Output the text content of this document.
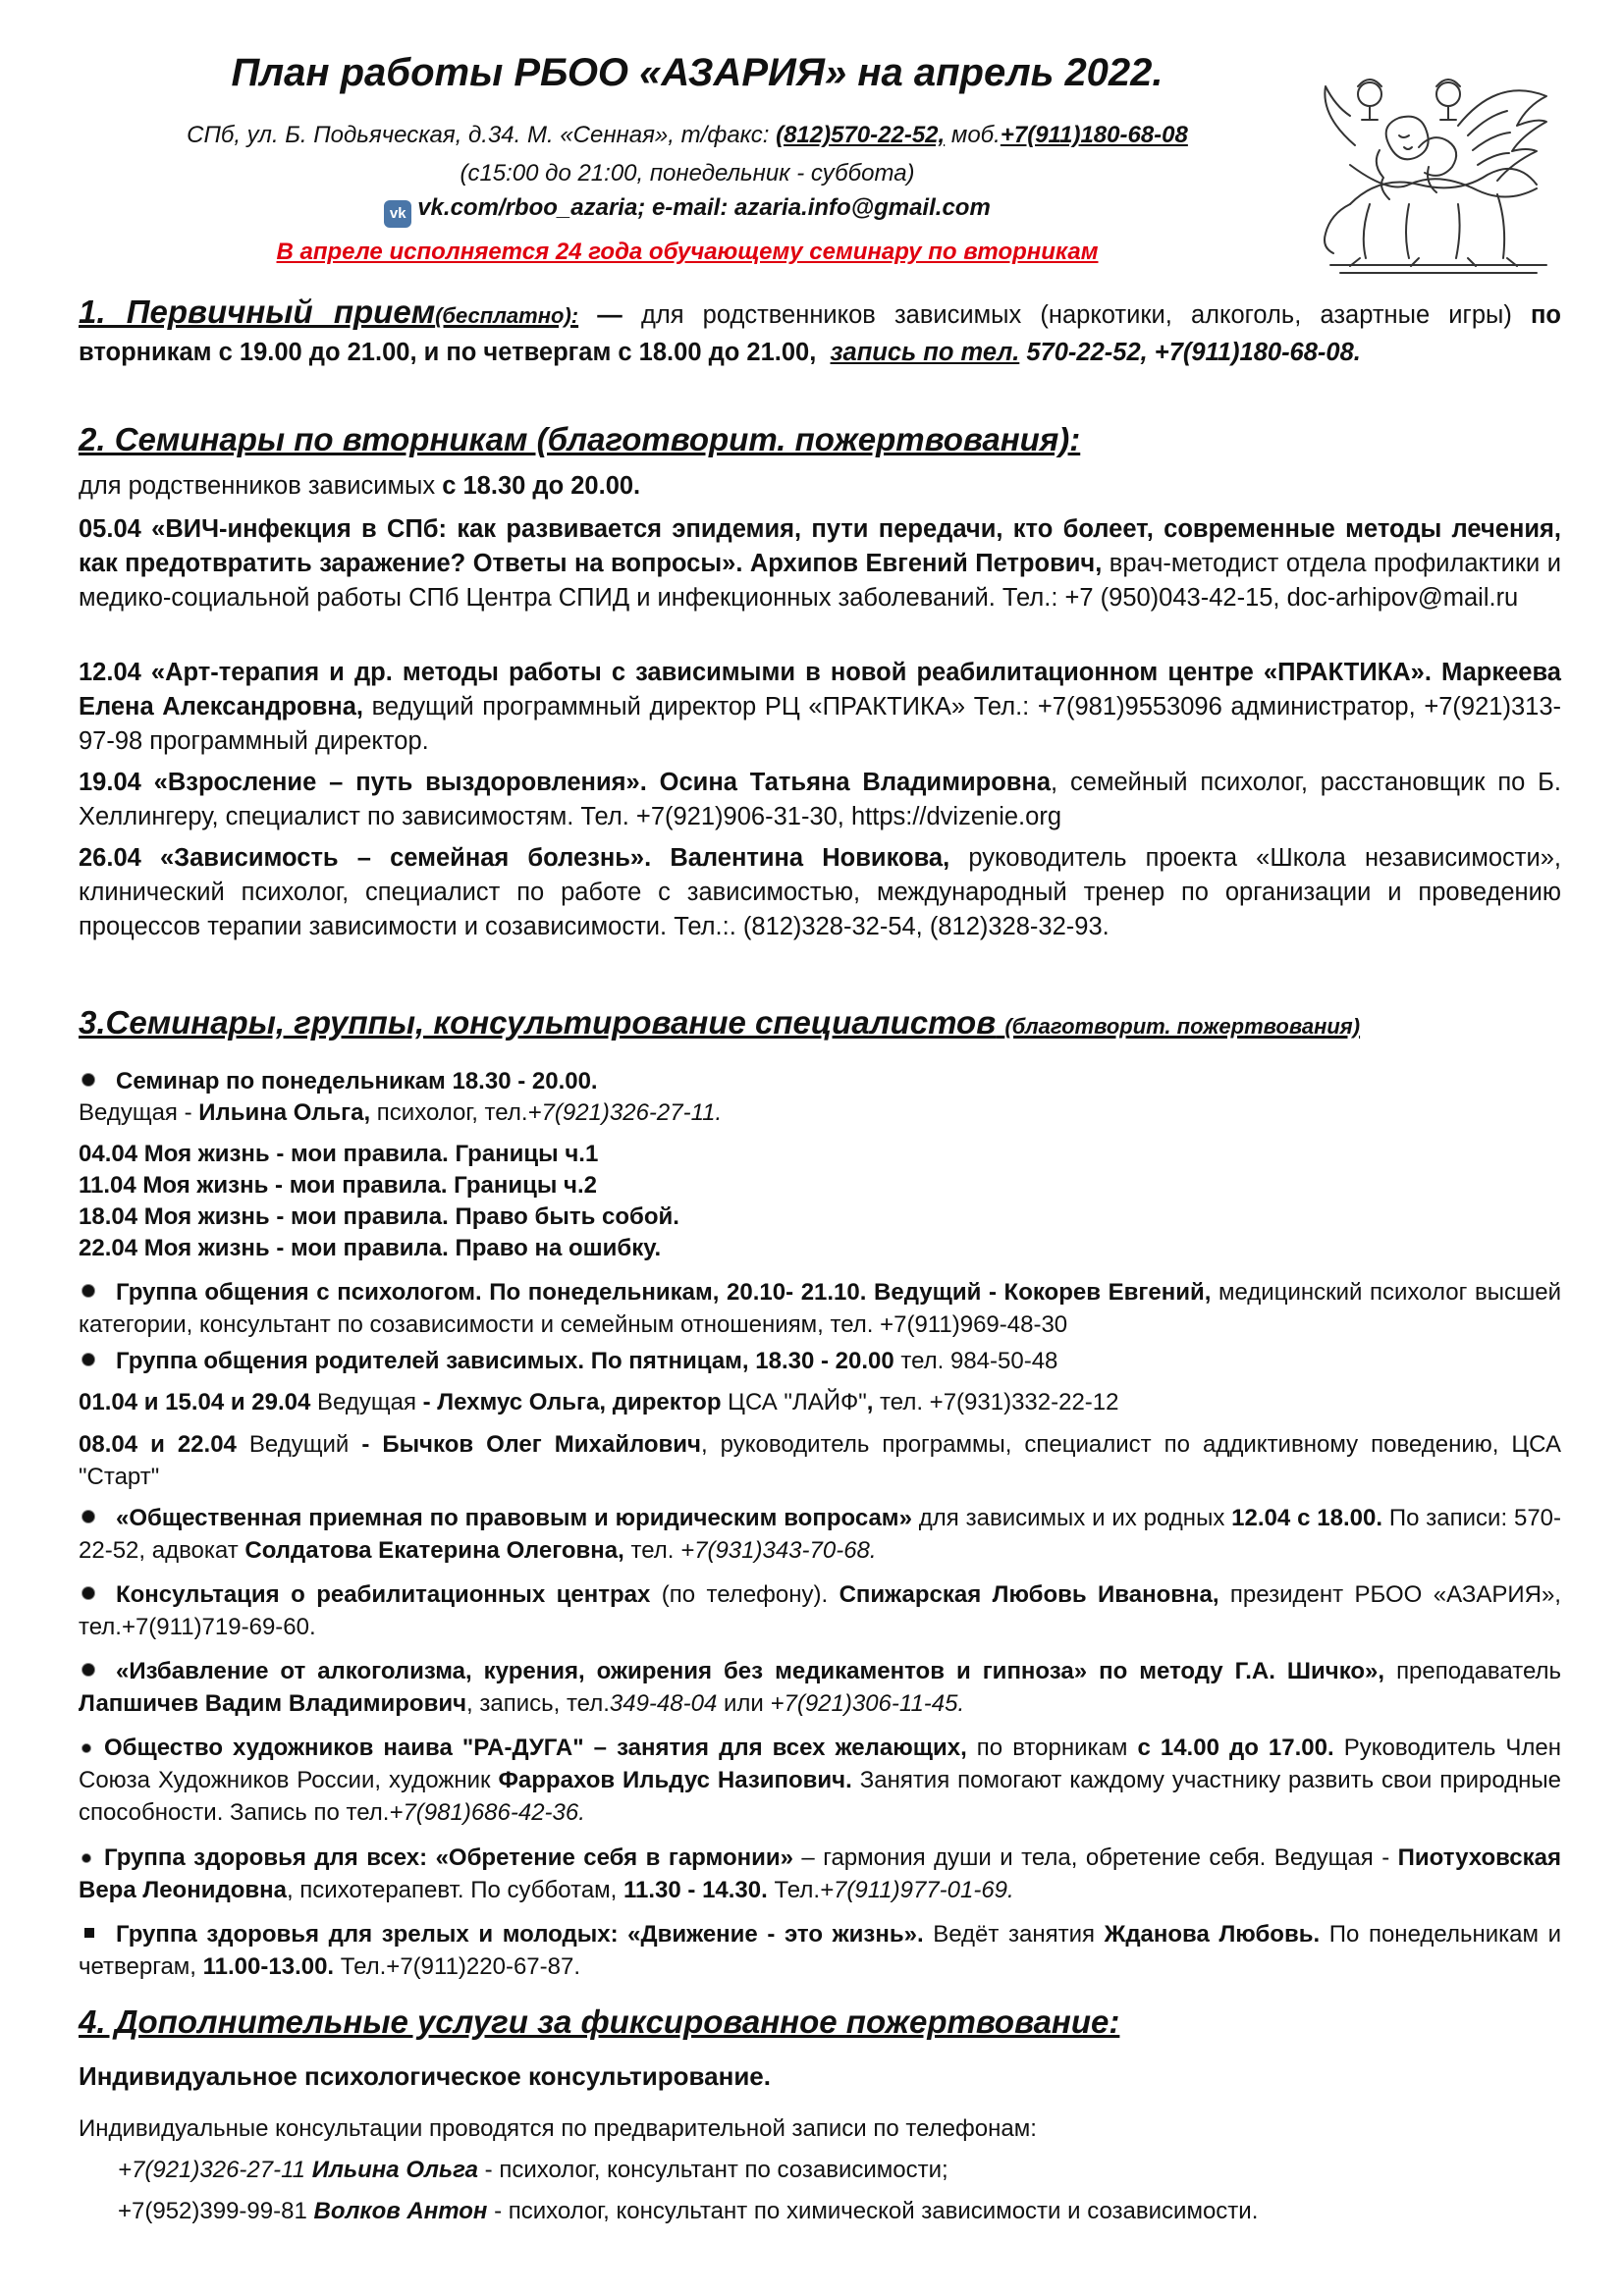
План работы РБОО «АЗАРИЯ» на апрель 2022.
СПб, ул. Б. Подьяческая, д.34. М. «Сенная», т/факс: (812)570-22-52, моб.+7(911)180-68-08
(с15:00 до 21:00, понедельник - суббота)
vk vk.com/rboo_azaria; e-mail: azaria.info@gmail.com
В апреле исполняется 24 года обучающему семинару по вторникам
1. Первичный прием(бесплатно): — для родственников зависимых (наркотики, алкоголь, азартные игры) по вторникам с 19.00 до 21.00, и по четвергам с 18.00 до 21.00, запись по тел. 570-22-52, +7(911)180-68-08.
2. Семинары по вторникам (благотворит. пожертвования):
для родственников зависимых с 18.30 до 20.00.
05.04 «ВИЧ-инфекция в СПб: как развивается эпидемия, пути передачи, кто болеет, современные методы лечения, как предотвратить заражение? Ответы на вопросы». Архипов Евгений Петрович, врач-методист отдела профилактики и медико-социальной работы СПб Центра СПИД и инфекционных заболеваний. Тел.: +7 (950)043-42-15, doc-arhipov@mail.ru
12.04 «Арт-терапия и др. методы работы с зависимыми в новой реабилитационном центре «ПРАКТИКА». Маркеева Елена Александровна, ведущий программный директор РЦ «ПРАКТИКА» Тел.: +7(981)9553096 администратор, +7(921)313-97-98 программный директор.
19.04 «Взросление – путь выздоровления». Осина Татьяна Владимировна, семейный психолог, расстановщик по Б. Хеллингеру, специалист по зависимостям. Тел. +7(921)906-31-30, https://dvizenie.org
26.04 «Зависимость – семейная болезнь». Валентина Новикова, руководитель проекта «Школа независимости», клинический психолог, специалист по работе с зависимостью, международный тренер по организации и проведению процессов терапии зависимости и созависимости. Тел.:. (812)328-32-54, (812)328-32-93.
3.Семинары, группы, консультирование специалистов (благотворит. пожертвования)
Семинар по понедельникам 18.30 - 20.00.
Ведущая - Ильина Ольга, психолог, тел.+7(921)326-27-11.
04.04 Моя жизнь - мои правила. Границы ч.1
11.04 Моя жизнь - мои правила. Границы ч.2
18.04 Моя жизнь - мои правила. Право быть собой.
22.04 Моя жизнь - мои правила. Право на ошибку.
Группа общения с психологом. По понедельникам, 20.10- 21.10. Ведущий - Кокорев Евгений, медицинский психолог высшей категории, консультант по созависимости и семейным отношениям, тел. +7(911)969-48-30
Группа общения родителей зависимых. По пятницам, 18.30 - 20.00 тел. 984-50-48
01.04 и 15.04 и 29.04 Ведущая - Лехмус Ольга, директор ЦСА "ЛАЙФ", тел. +7(931)332-22-12
08.04 и 22.04 Ведущий - Бычков Олег Михайлович, руководитель программы, специалист по аддиктивному поведению, ЦСА "Старт"
«Общественная приемная по правовым и юридическим вопросам» для зависимых и их родных 12.04 с 18.00. По записи: 570-22-52, адвокат Солдатова Екатерина Олеговна, тел. +7(931)343-70-68.
Консультация о реабилитационных центрах (по телефону). Спижарская Любовь Ивановна, президент РБОО «АЗАРИЯ», тел.+7(911)719-69-60.
«Избавление от алкоголизма, курения, ожирения без медикаментов и гипноза» по методу Г.А. Шичко», преподаватель Лапшичев Вадим Владимирович, запись, тел.349-48-04 или +7(921)306-11-45.
Общество художников наива "РА-ДУГА" – занятия для всех желающих, по вторникам с 14.00 до 17.00. Руководитель Член Союза Художников России, художник Фаррахов Ильдус Назипович. Занятия помогают каждому участнику развить свои природные способности. Запись по тел.+7(981)686-42-36.
Группа здоровья для всех: «Обретение себя в гармонии» – гармония души и тела, обретение себя. Ведущая - Пиотуховская Вера Леонидовна, психотерапевт. По субботам, 11.30 - 14.30. Тел.+7(911)977-01-69.
Группа здоровья для зрелых и молодых: «Движение - это жизнь». Ведёт занятия Жданова Любовь. По понедельникам и четвергам, 11.00-13.00. Тел.+7(911)220-67-87.
4. Дополнительные услуги за фиксированное пожертвование:
Индивидуальное психологическое консультирование.
Индивидуальные консультации проводятся по предварительной записи по телефонам:
+7(921)326-27-11 Ильина Ольга - психолог, консультант по созависимости;
+7(952)399-99-81 Волков Антон - психолог, консультант по химической зависимости и созависимости.
